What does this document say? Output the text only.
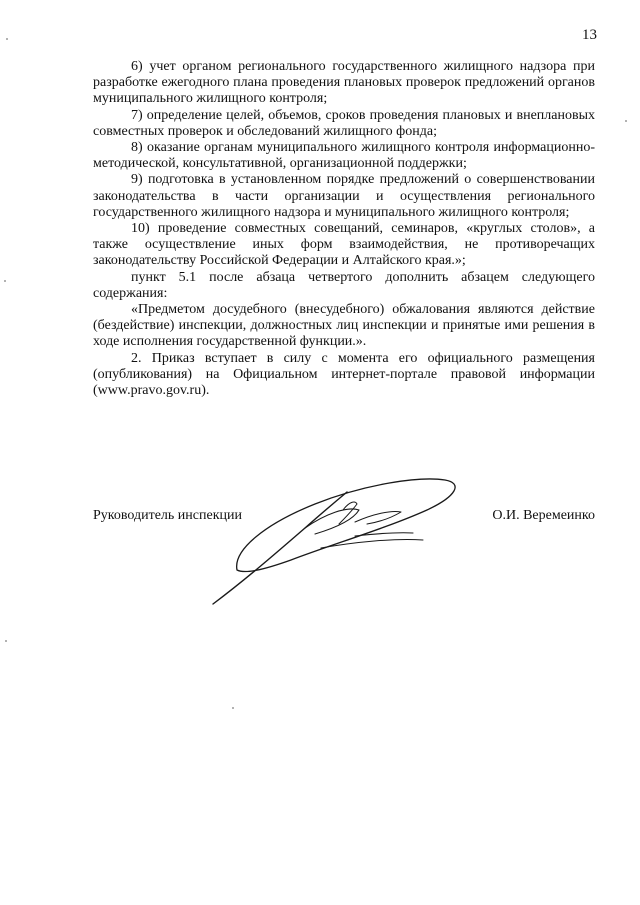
13

6) учет органом регионального государственного жилищного надзора при разработке ежегодного плана проведения плановых проверок предложений органов муниципального жилищного контроля;

7) определение целей, объемов, сроков проведения плановых и внеплановых совместных проверок и обследований жилищного фонда;

8) оказание органам муниципального жилищного контроля информационно-методической, консультативной, организационной поддержки;

9) подготовка в установленном порядке предложений о совершенствовании законодательства в части организации и осуществления регионального государственного жилищного надзора и муниципального жилищного контроля;

10) проведение совместных совещаний, семинаров, «круглых столов», а также осуществление иных форм взаимодействия, не противоречащих законодательству Российской Федерации и Алтайского края.»;

пункт 5.1 после абзаца четвертого дополнить абзацем следующего содержания:

«Предметом досудебного (внесудебного) обжалования являются действие (бездействие) инспекции, должностных лиц инспекции и принятые ими решения в ходе исполнения государственной функции.».

2. Приказ вступает в силу с момента его официального размещения (опубликования) на Официальном интернет-портале правовой информации (www.pravo.gov.ru).

Руководитель инспекции	О.И. Веремеинко
